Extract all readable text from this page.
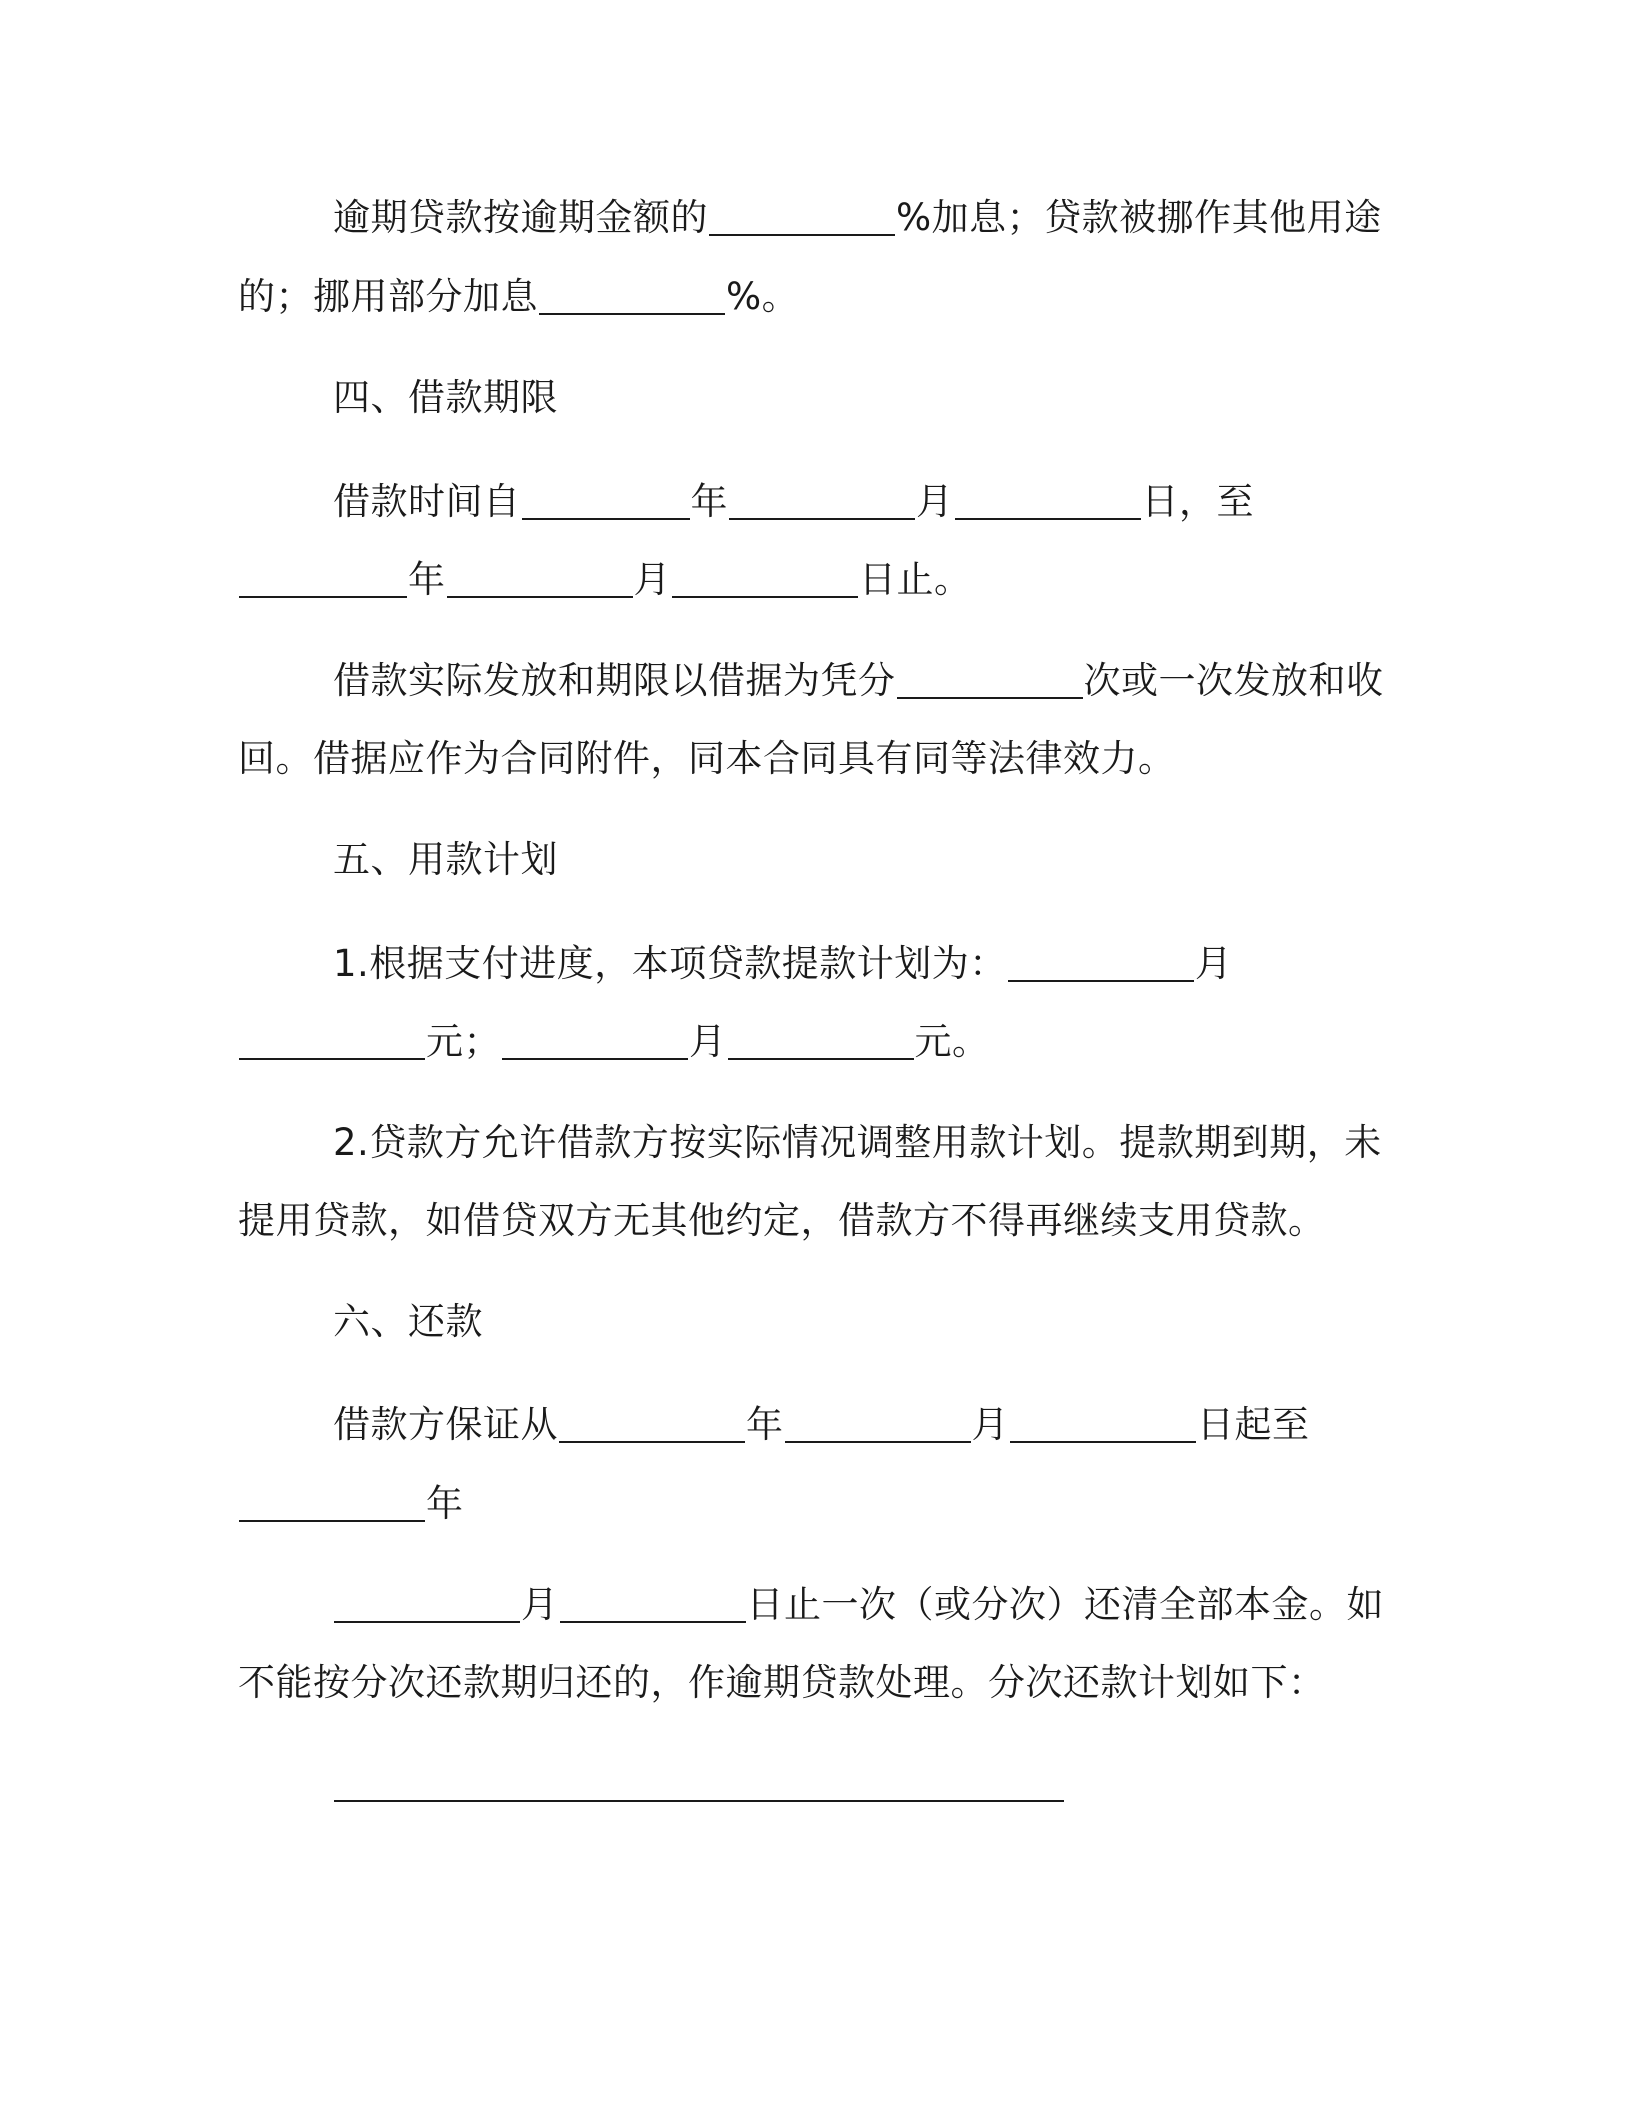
逾期贷款按逾期金额的	%加息；贷款被挪作其他用途
的；挪用部分加息	%。
四、借款期限
借款时间自	年	月	日，至
年	月	日止。
借款实际发放和期限以借据为凭分	次或一次发放和收
回。借据应作为合同附件，同本合同具有同等法律效力。
五、用款计划
1.根据支付进度，本项贷款提款计划为：	月
元；	月	元。
2.贷款方允许借款方按实际情况调整用款计划。提款期到期，未
提用贷款，如借贷双方无其他约定，借款方不得再继续支用贷款。
六、还款
借款方保证从	年	月	日起至
年
月	日止一次（或分次）还清全部本金。如
不能按分次还款期归还的，作逾期贷款处理。分次还款计划如下：
